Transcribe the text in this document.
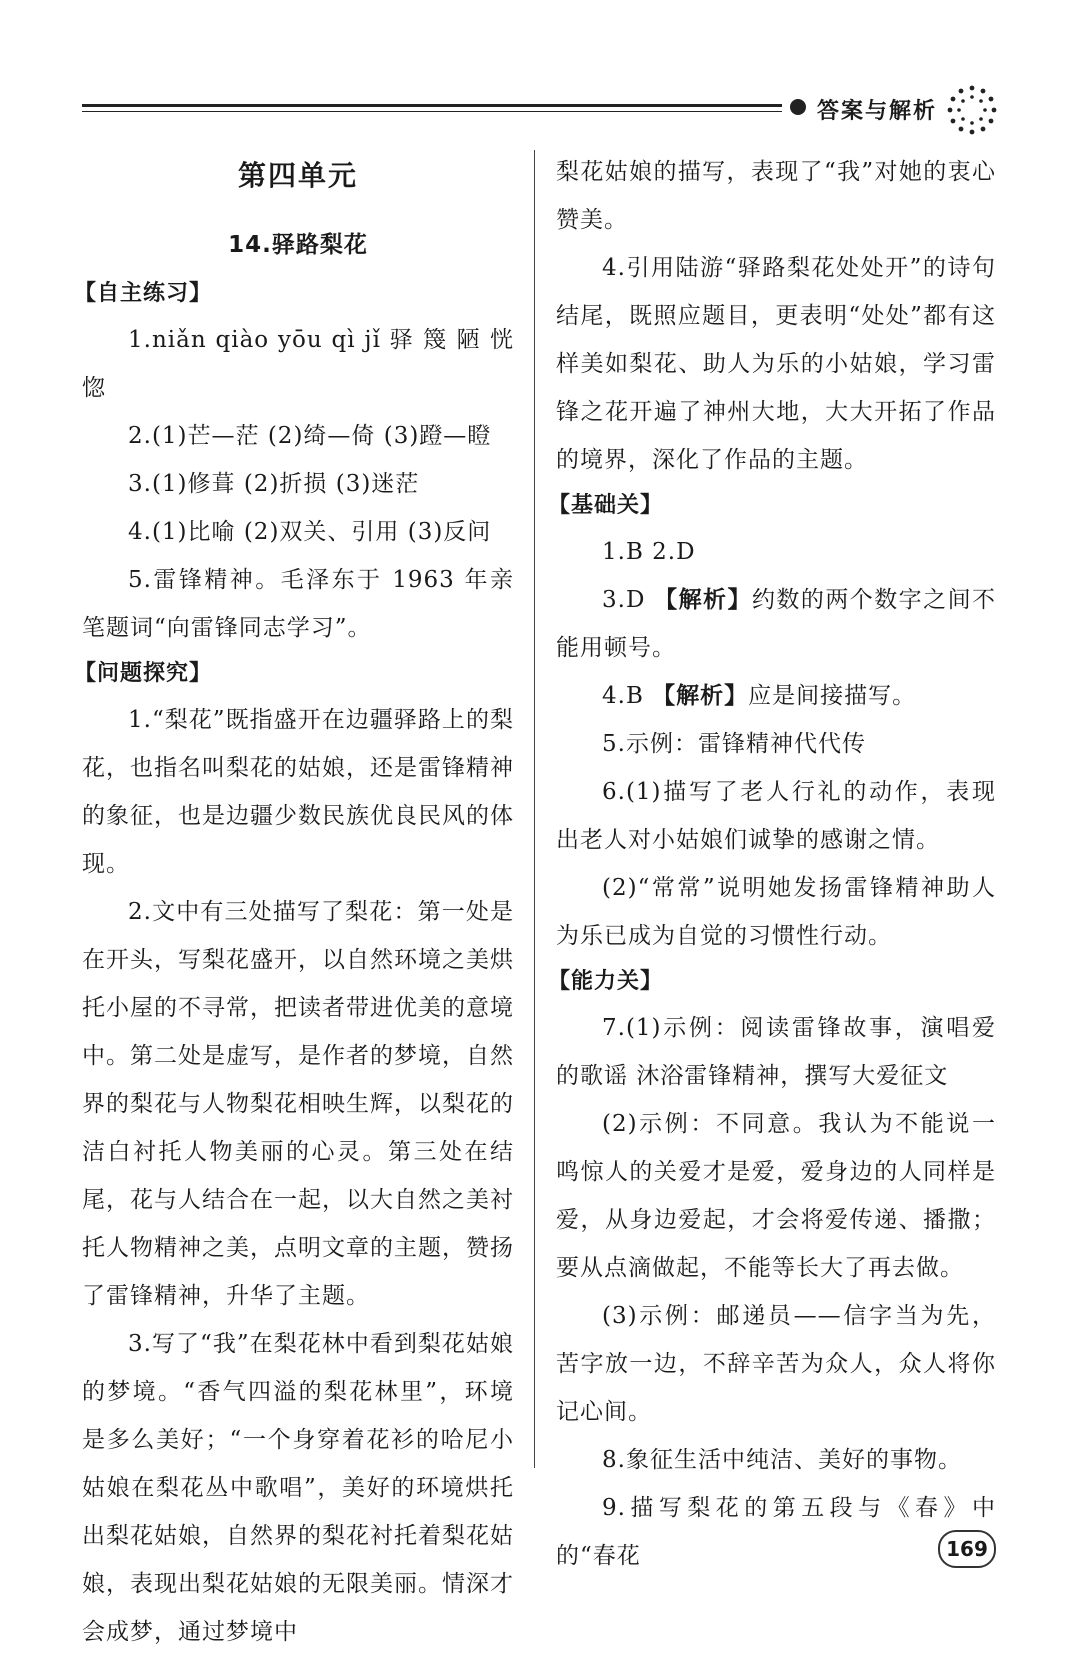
答案与解析
第四单元
14.驿路梨花
【自主练习】

1.niǎn qiào yōu qì jǐ 驿 篾 陋 恍 惚

2.(1)芒—茫 (2)绮—倚 (3)蹬—瞪

3.(1)修葺 (2)折损 (3)迷茫

4.(1)比喻 (2)双关、引用 (3)反问

5.雷锋精神。毛泽东于 1963 年亲笔题词“向雷锋同志学习”。

【问题探究】

1.“梨花”既指盛开在边疆驿路上的梨花，也指名叫梨花的姑娘，还是雷锋精神的象征，也是边疆少数民族优良民风的体现。

2.文中有三处描写了梨花：第一处是在开头，写梨花盛开，以自然环境之美烘托小屋的不寻常，把读者带进优美的意境中。第二处是虚写，是作者的梦境，自然界的梨花与人物梨花相映生辉，以梨花的洁白衬托人物美丽的心灵。第三处在结尾，花与人结合在一起，以大自然之美衬托人物精神之美，点明文章的主题，赞扬了雷锋精神，升华了主题。

3.写了“我”在梨花林中看到梨花姑娘的梦境。“香气四溢的梨花林里”，环境是多么美好；“一个身穿着花衫的哈尼小姑娘在梨花丛中歌唱”，美好的环境烘托出梨花姑娘，自然界的梨花衬托着梨花姑娘，表现出梨花姑娘的无限美丽。情深才会成梦，通过梦境中

梨花姑娘的描写，表现了“我”对她的衷心赞美。

4.引用陆游“驿路梨花处处开”的诗句结尾，既照应题目，更表明“处处”都有这样美如梨花、助人为乐的小姑娘，学习雷锋之花开遍了神州大地，大大开拓了作品的境界，深化了作品的主题。

【基础关】

1.B 2.D

3.D 【解析】约数的两个数字之间不能用顿号。

4.B 【解析】应是间接描写。

5.示例：雷锋精神代代传

6.(1)描写了老人行礼的动作，表现出老人对小姑娘们诚挚的感谢之情。

(2)“常常”说明她发扬雷锋精神助人为乐已成为自觉的习惯性行动。

【能力关】

7.(1)示例：阅读雷锋故事，演唱爱的歌谣 沐浴雷锋精神，撰写大爱征文

(2)示例：不同意。我认为不能说一鸣惊人的关爱才是爱，爱身边的人同样是爱，从身边爱起，才会将爱传递、播撒；要从点滴做起，不能等长大了再去做。

(3)示例：邮递员——信字当为先，苦字放一边，不辞辛苦为众人，众人将你记心间。

8.象征生活中纯洁、美好的事物。

9.描写梨花的第五段与《春》中的“春花	169
